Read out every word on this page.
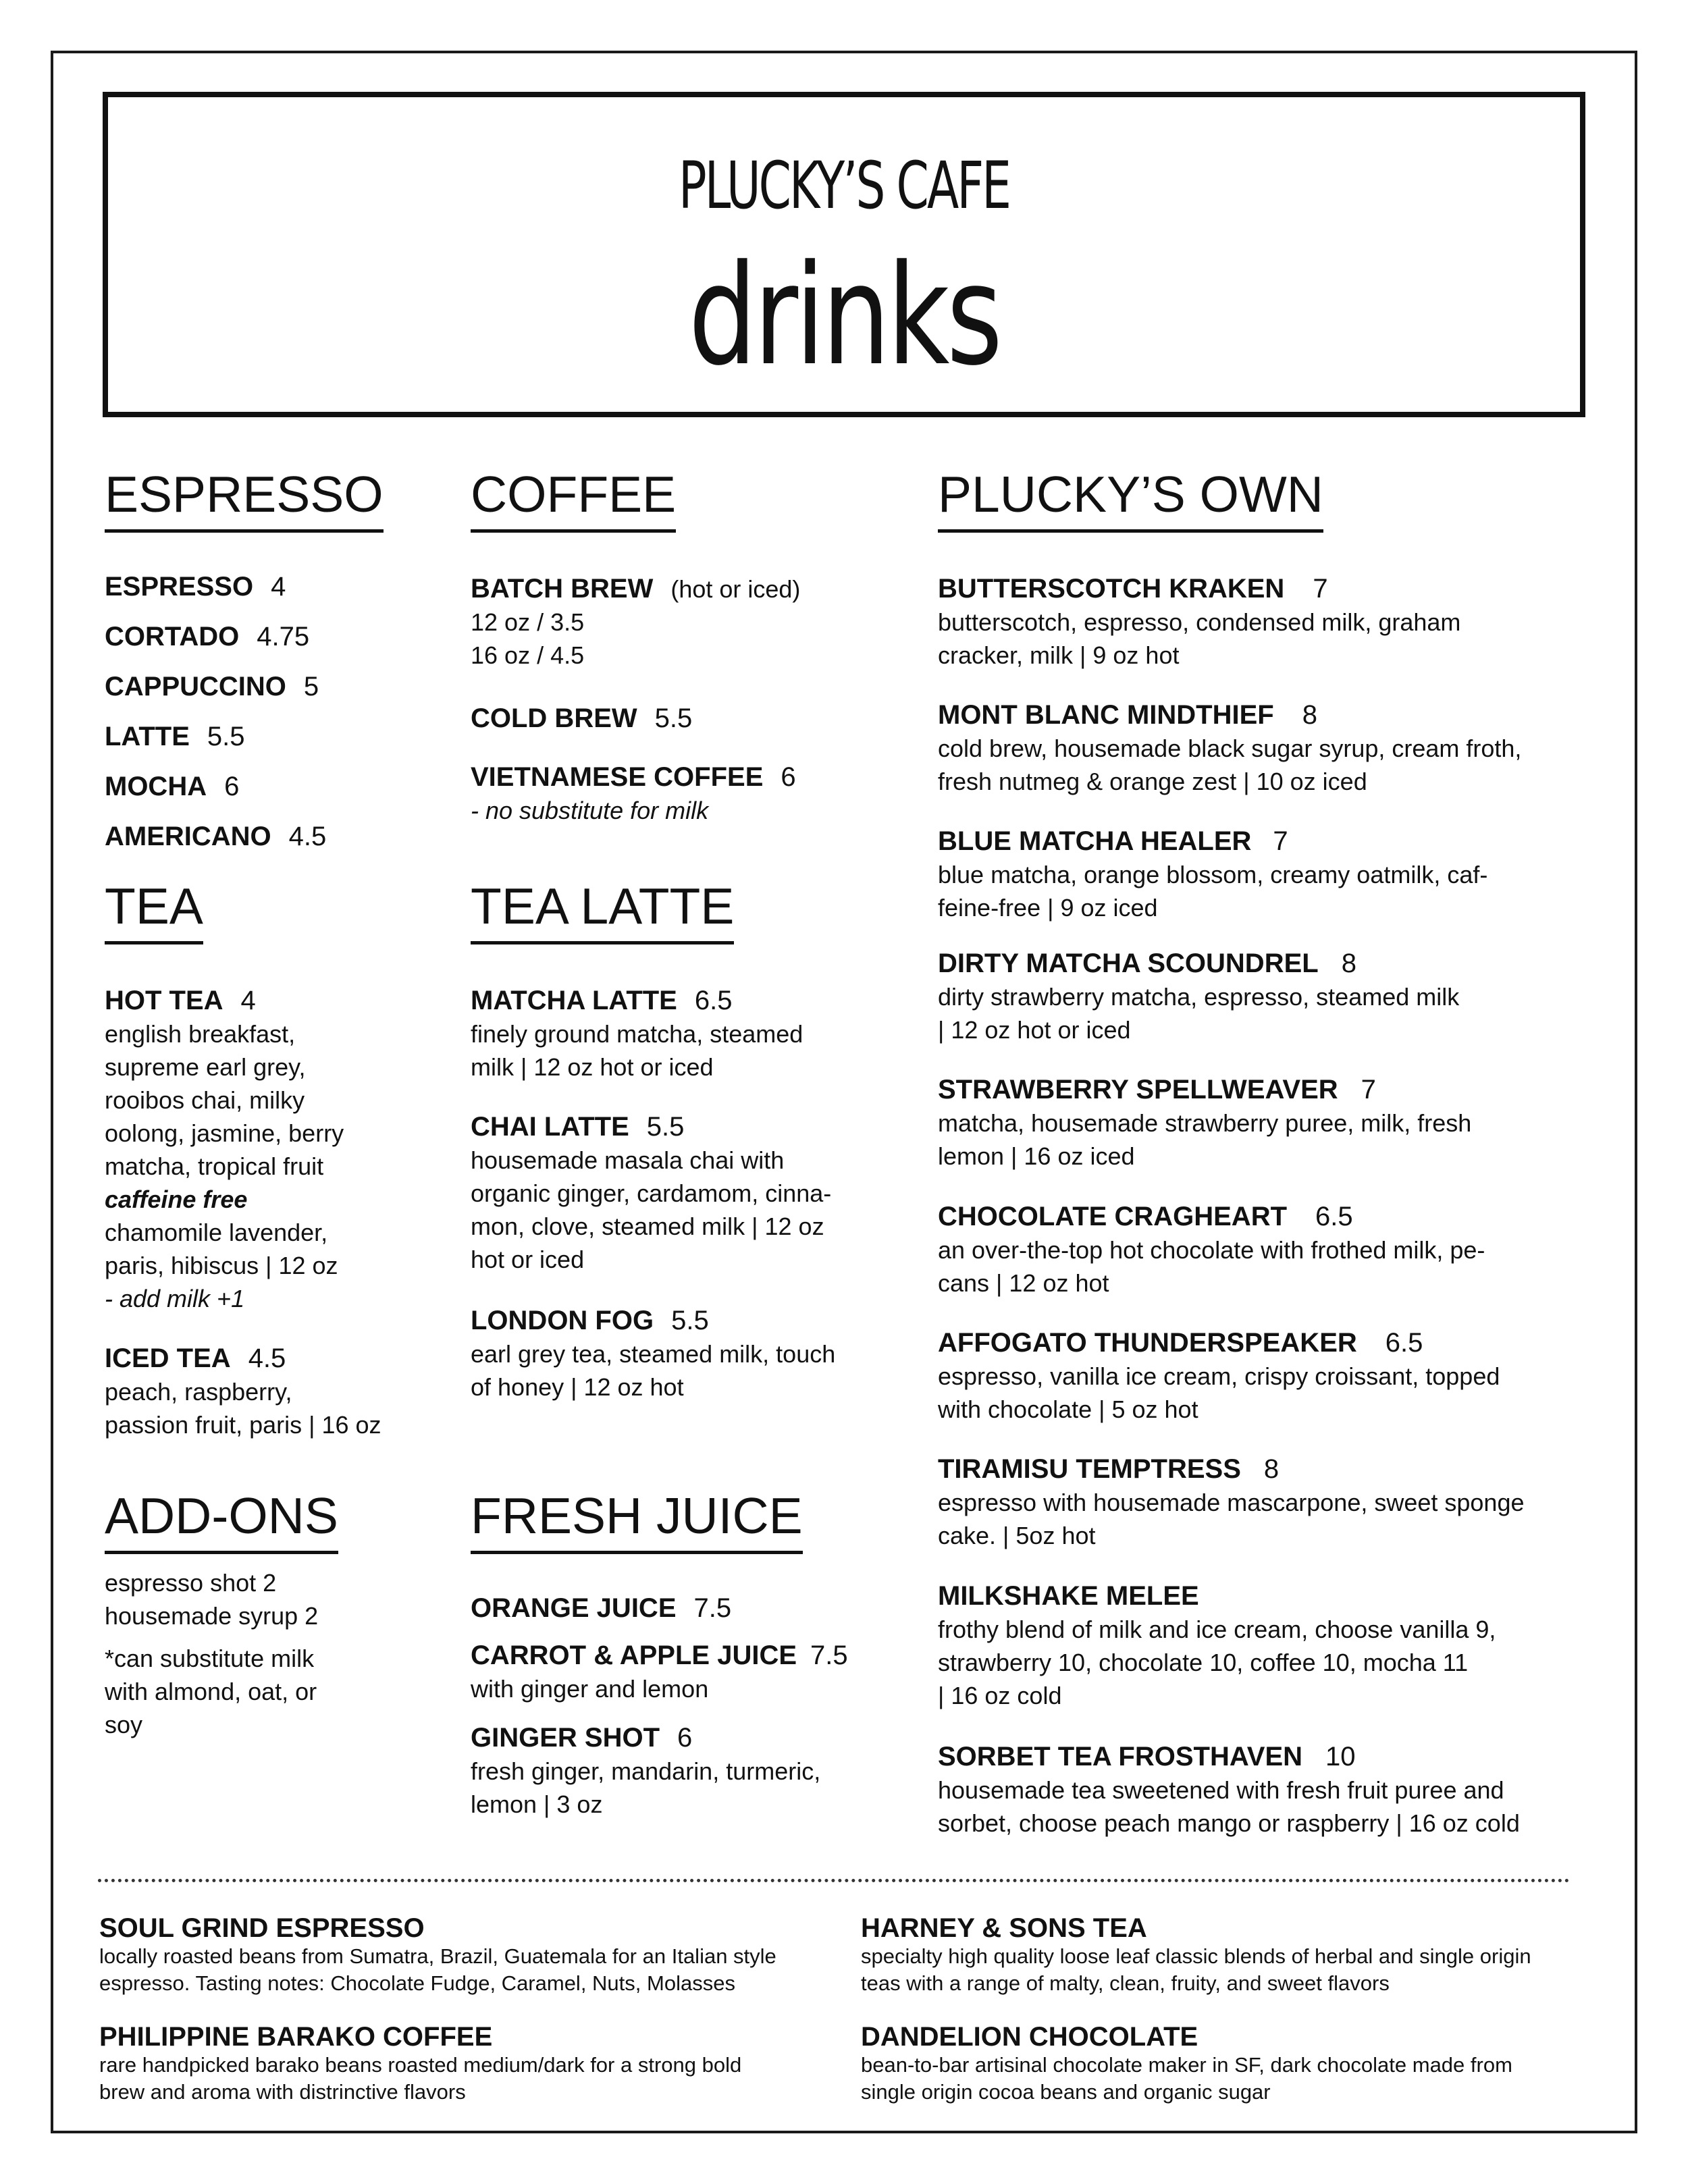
PLUCKY’S CAFE
drinks
ESPRESSO
ESPRESSO 4
CORTADO 4.75
CAPPUCCINO 5
LATTE 5.5
MOCHA 6
AMERICANO 4.5
TEA
HOT TEA 4
english breakfast,
supreme earl grey,
rooibos chai, milky
oolong, jasmine, berry
matcha, tropical fruit
caffeine free
chamomile lavender,
paris, hibiscus | 12 oz
- add milk +1
ICED TEA 4.5
peach, raspberry,
passion fruit, paris | 16 oz
ADD-ONS
espresso shot 2
housemade syrup 2
*can substitute milk
with almond, oat, or
soy
COFFEE
BATCH BREW (hot or iced)
12 oz / 3.5
16 oz / 4.5
COLD BREW 5.5
VIETNAMESE COFFEE 6
- no substitute for milk
TEA LATTE
MATCHA LATTE 6.5
finely ground matcha, steamed
milk | 12 oz hot or iced
CHAI LATTE 5.5
housemade masala chai with
organic ginger, cardamom, cinna-
mon, clove, steamed milk | 12 oz
hot or iced
LONDON FOG 5.5
earl grey tea, steamed milk, touch
of honey | 12 oz hot
FRESH JUICE
ORANGE JUICE 7.5
CARROT & APPLE JUICE 7.5
with ginger and lemon
GINGER SHOT 6
fresh ginger, mandarin, turmeric,
lemon | 3 oz
PLUCKY’S OWN
BUTTERSCOTCH KRAKEN 7
butterscotch, espresso, condensed milk, graham
cracker, milk | 9 oz hot
MONT BLANC MINDTHIEF 8
cold brew, housemade black sugar syrup, cream froth,
fresh nutmeg & orange zest | 10 oz iced
BLUE MATCHA HEALER 7
blue matcha, orange blossom, creamy oatmilk, caf-
feine-free | 9 oz iced
DIRTY MATCHA SCOUNDREL 8
dirty strawberry matcha, espresso, steamed milk
| 12 oz hot or iced
STRAWBERRY SPELLWEAVER 7
matcha, housemade strawberry puree, milk, fresh
lemon | 16 oz iced
CHOCOLATE CRAGHEART 6.5
an over-the-top hot chocolate with frothed milk, pe-
cans | 12 oz hot
AFFOGATO THUNDERSPEAKER 6.5
espresso, vanilla ice cream, crispy croissant, topped
with chocolate | 5 oz hot
TIRAMISU TEMPTRESS 8
espresso with housemade mascarpone, sweet sponge
cake. | 5oz hot
MILKSHAKE MELEE
frothy blend of milk and ice cream, choose vanilla 9,
strawberry 10, chocolate 10, coffee 10, mocha 11
| 16 oz cold
SORBET TEA FROSTHAVEN 10
housemade tea sweetened with fresh fruit puree and
sorbet, choose peach mango or raspberry | 16 oz cold
SOUL GRIND ESPRESSO
locally roasted beans from Sumatra, Brazil, Guatemala for an Italian style
espresso. Tasting notes: Chocolate Fudge, Caramel, Nuts, Molasses
HARNEY & SONS TEA
specialty high quality loose leaf classic blends of herbal and single origin
teas with a range of malty, clean, fruity, and sweet flavors
PHILIPPINE BARAKO COFFEE
rare handpicked barako beans roasted medium/dark for a strong bold
brew and aroma with distrinctive flavors
DANDELION CHOCOLATE
bean-to-bar artisinal chocolate maker in SF, dark chocolate made from
single origin cocoa beans and organic sugar
